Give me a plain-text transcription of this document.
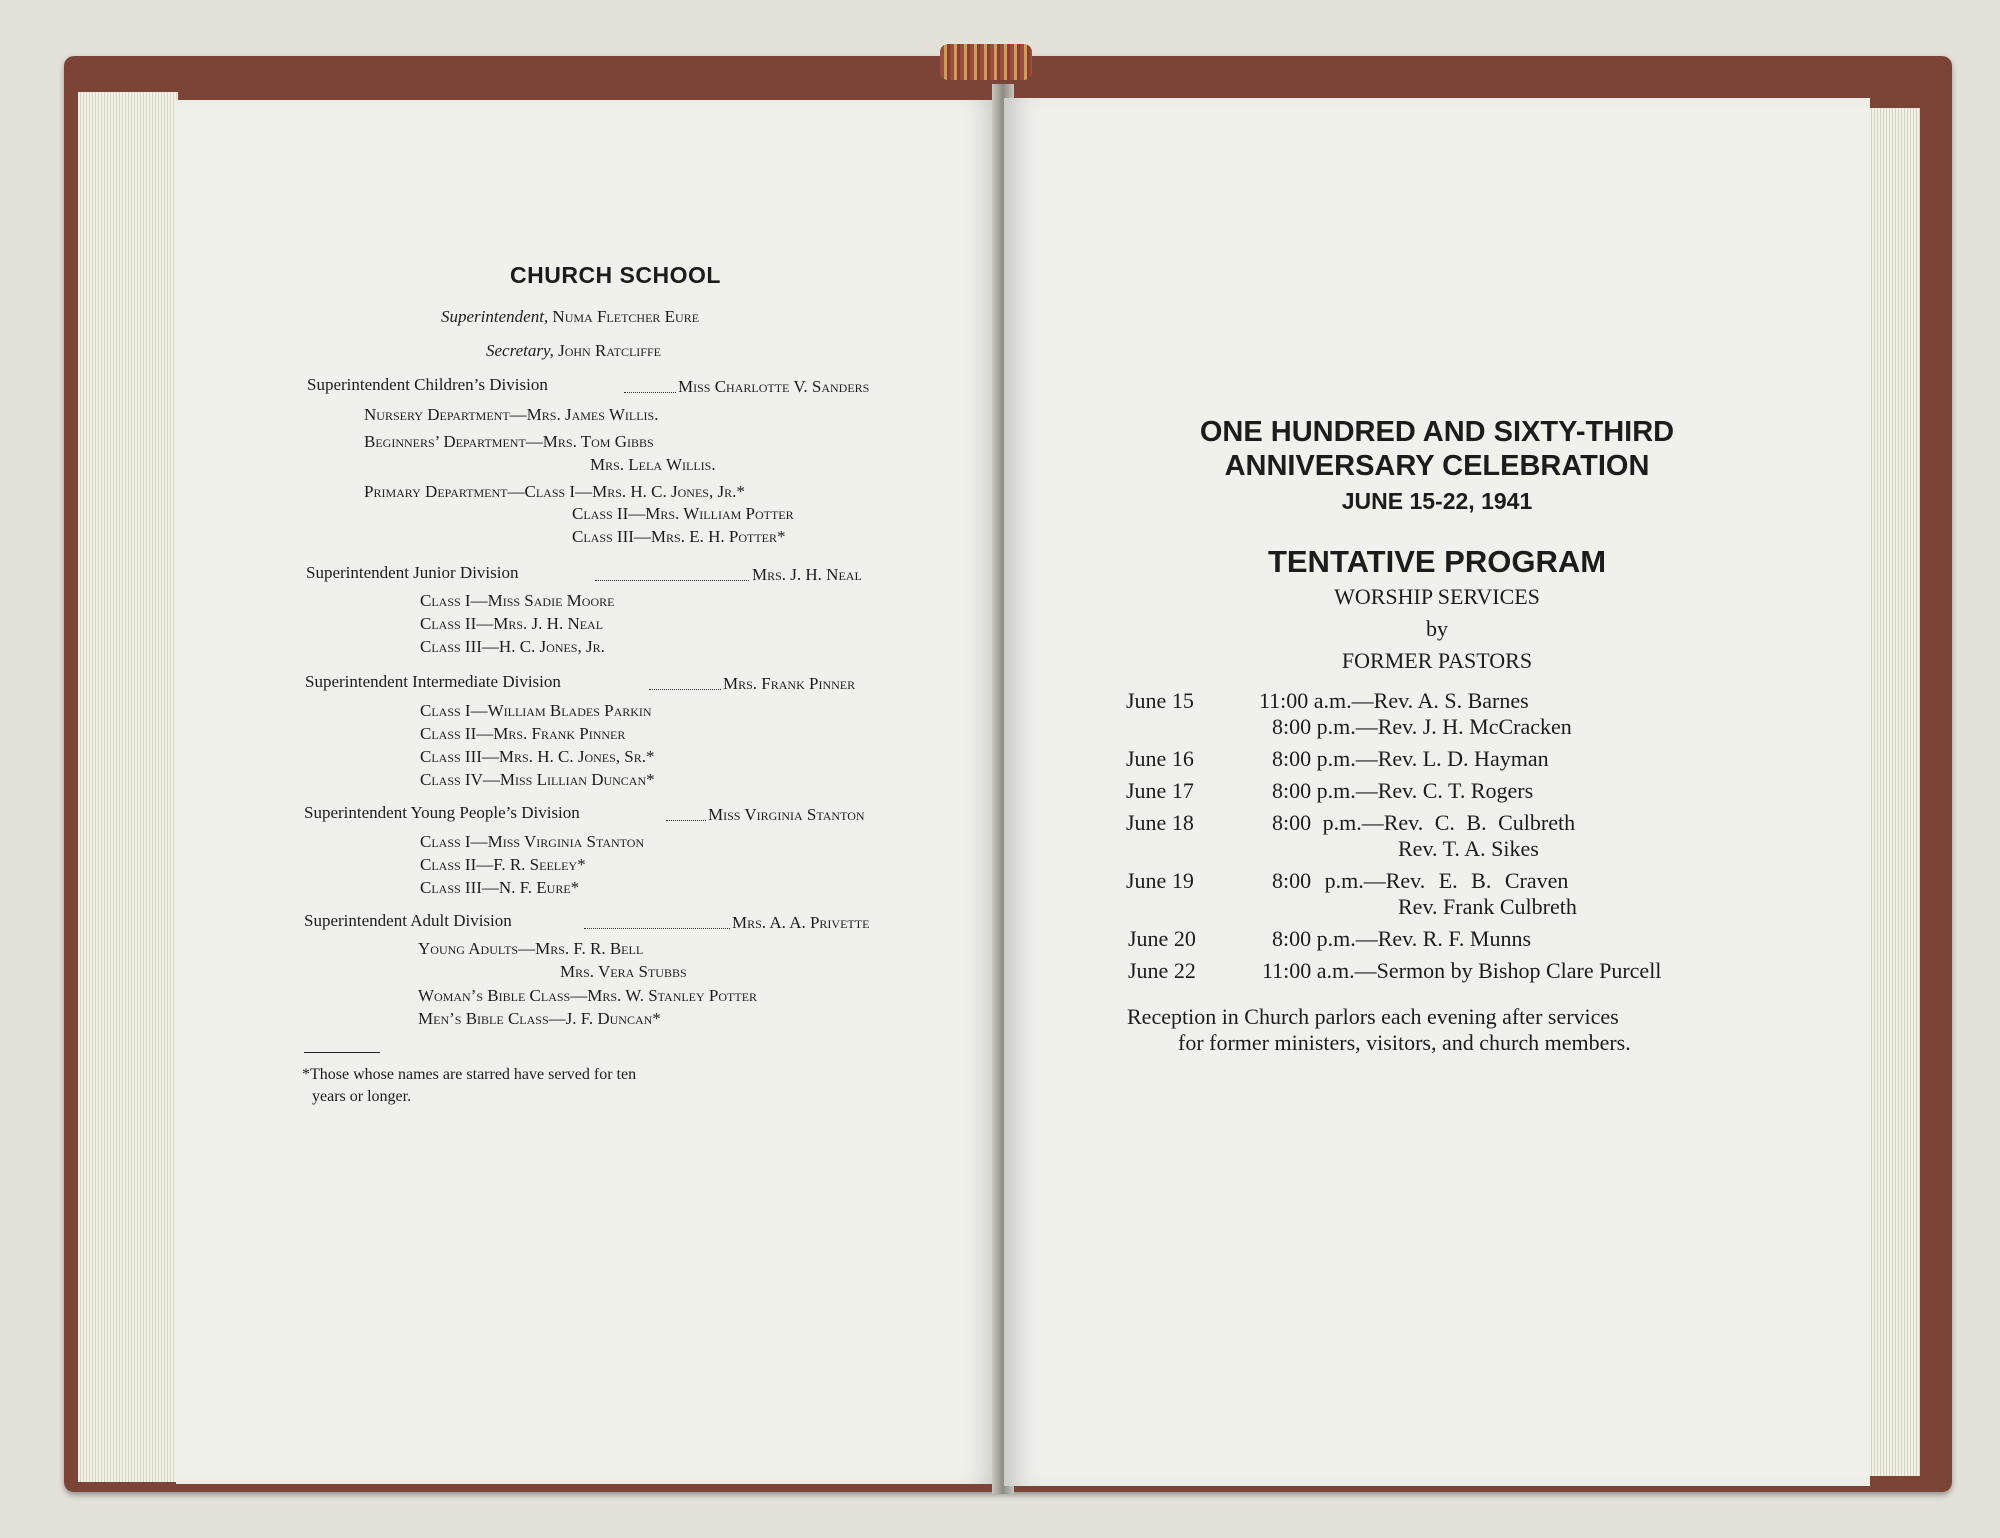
CHURCH SCHOOL
Superintendent, Numa Fletcher Eure
Secretary, John Ratcliffe
Superintendent Children’s Division	Miss Charlotte V. Sanders
Nursery Department—Mrs. James Willis.
Beginners’ Department—Mrs. Tom Gibbs
Mrs. Lela Willis.
Primary Department—Class I—Mrs. H. C. Jones, Jr.*
Class II—Mrs. William Potter
Class III—Mrs. E. H. Potter*
Superintendent Junior Division	Mrs. J. H. Neal
Class I—Miss Sadie Moore
Class II—Mrs. J. H. Neal
Class III—H. C. Jones, Jr.
Superintendent Intermediate Division	Mrs. Frank Pinner
Class I—William Blades Parkin
Class II—Mrs. Frank Pinner
Class III—Mrs. H. C. Jones, Sr.*
Class IV—Miss Lillian Duncan*
Superintendent Young People’s Division	Miss Virginia Stanton
Class I—Miss Virginia Stanton
Class II—F. R. Seeley*
Class III—N. F. Eure*
Superintendent Adult Division	Mrs. A. A. Privette
Young Adults—Mrs. F. R. Bell
Mrs. Vera Stubbs
Woman’s Bible Class—Mrs. W. Stanley Potter
Men’s Bible Class—J. F. Duncan*
*Those whose names are starred have served for ten
years or longer.
ONE HUNDRED AND SIXTY-THIRD
ANNIVERSARY CELEBRATION
JUNE 15-22, 1941
TENTATIVE PROGRAM
WORSHIP SERVICES
by
FORMER PASTORS
June 15	11:00 a.m.—Rev. A. S. Barnes
8:00 p.m.—Rev. J. H. McCracken
June 16	8:00 p.m.—Rev. L. D. Hayman
June 17	8:00 p.m.—Rev. C. T. Rogers
June 18	8:00 p.m.—Rev. C. B. Culbreth
Rev. T. A. Sikes
June 19	8:00 p.m.—Rev. E. B. Craven
Rev. Frank Culbreth
June 20	8:00 p.m.—Rev. R. F. Munns
June 22	11:00 a.m.—Sermon by Bishop Clare Purcell
Reception in Church parlors each evening after services
for former ministers, visitors, and church members.
